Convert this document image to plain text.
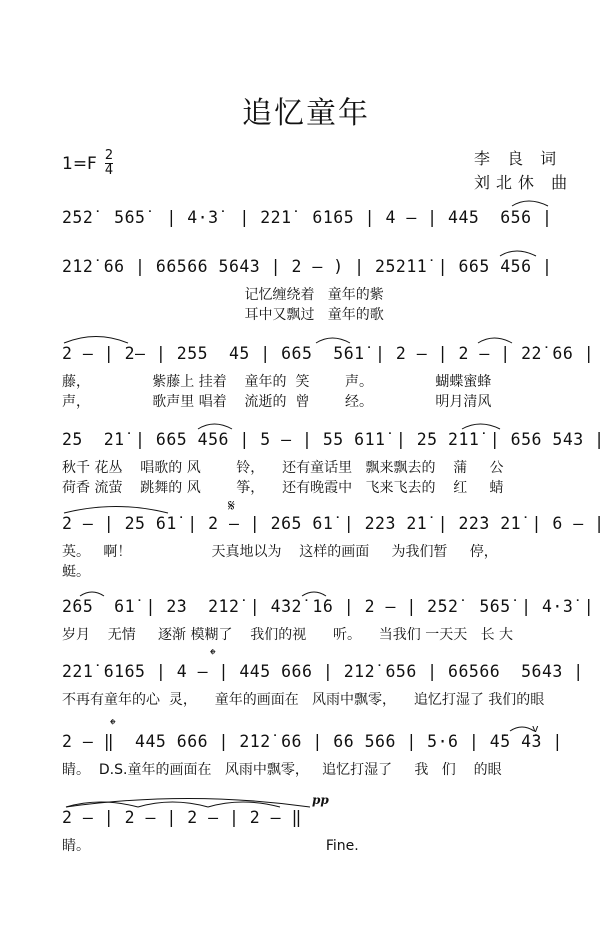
追忆童年
1=F 2
4
李 良 词
刘北休 曲
2̇52̇  5̇65̇  | 4·3̇  | 22̇1̇  6̇165 | 4 – | 445  65̇6 |
2̇12̇ 66 | 66566 5643 | 2 – ) | 2̇52̇1̇1̇ | 665 456 |
记忆缠绕着   童年的紫
耳中又飘过   童年的歌
2 – | 2– | 255  45 | 665  561̇ | 2 – | 2 – | 2̇2̇ 66 |
藤，              紫藤上 挂着    童年的  笑        声。              蝴蝶蜜蜂
声，              歌声里 唱着    流逝的  曾        经。              明月清风
2̇5  2̇1̇ | 665 456 | 5 – | 55 61̇1̇ | 2̇5 2̇1̇1̇ | 656 543 |
秋千 花丛    唱歌的 风        铃，    还有童话里   飘来飘去的    蒲     公
荷香 流萤    跳舞的 风        筝，    还有晚霞中   飞来飞去的    红     蜻
𝄋
2 – | 25 61̇ | 2 – | 265 61̇ | 22̇3 2̇1̇ | 22̇3 2̇1̇ | 6 – |
英。   啊！                  天真地以为    这样的画面     为我们暂     停，
蜓。
2̇65  61̇ | 2̇3  2̇12̇ | 4̇32̇ 1̇6 | 2 – | 2̇52̇  5̇65̇ | 4·3̇ |
岁月    无情     逐渐 模糊了    我们的视      听。    当我们 一天天   长 大
𝄌
22̇1̇ 6̇165 | 4 – | 445 666 | 2̇12̇ 656 | 66566  5643 |
不再有童年的心  灵，    童年的画面在   风雨中飘零，    追忆打湿了 我们的眼
𝄌	v
2 – ‖  445 666 | 2̇12̇ 66 | 6̇6 56̇6 | 5·6 | 4̇5 4̇3 |
睛。  D.S.童年的画面在   风雨中飘零，   追忆打湿了     我   们    的眼
pp
2 – | 2 – | 2 – | 2 – ‖
睛。                                                     Fine.
